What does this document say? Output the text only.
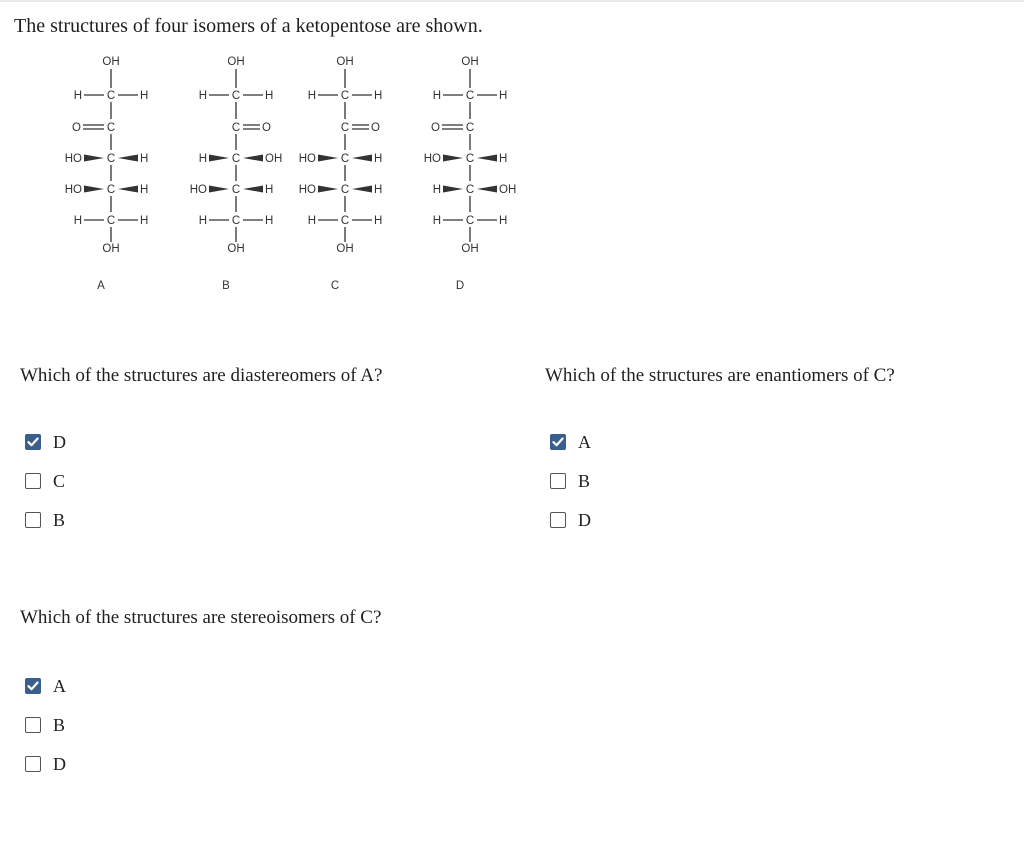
The structures of four isomers of a ketopentose are shown.
OH
C
H	H
C
O
C
HO	H
C
HO	H
C
H	H
OH
A
OH
C
H	H
C O
C
H	OH
C
HO	H
C
H	H
OH
B
OH
C
H	H
C O
C
HO	H
C
HO	H
C
H	H
OH
C
OH
C
H	H
C
O
C
HO	H
C
H	OH
C
H	H
OH
D
Which of the structures are diastereomers of A?
D
C
B
Which of the structures are enantiomers of C?
A
B
D
Which of the structures are stereoisomers of C?
A
B
D
